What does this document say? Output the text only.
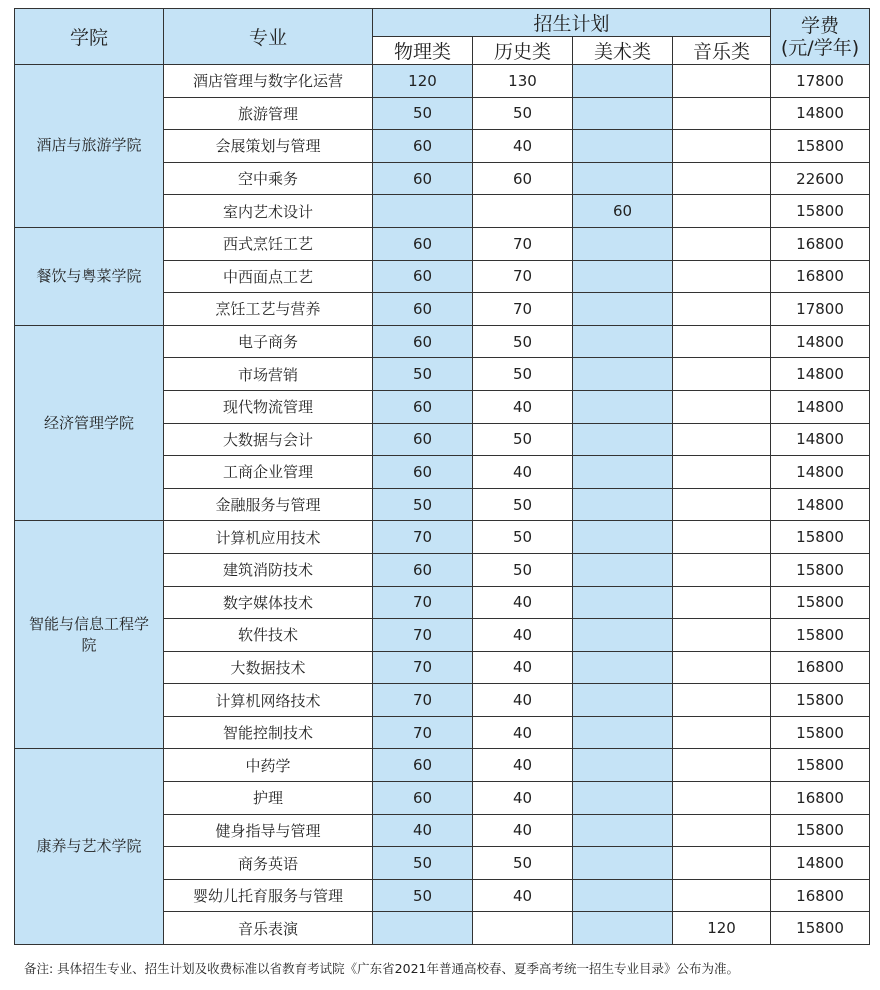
学院	专业	招生计划				学费
(元/学年)
		物理类	历史类	美术类	音乐类	
酒店与旅游学院	酒店管理与数字化运营	120	130			17800
	旅游管理	50	50			14800
	会展策划与管理	60	40			15800
	空中乘务	60	60			22600
	室内艺术设计			60		15800
餐饮与粤菜学院	西式烹饪工艺	60	70			16800
	中西面点工艺	60	70			16800
	烹饪工艺与营养	60	70			17800
经济管理学院	电子商务	60	50			14800
	市场营销	50	50			14800
	现代物流管理	60	40			14800
	大数据与会计	60	50			14800
	工商企业管理	60	40			14800
	金融服务与管理	50	50			14800
智能与信息工程学院	计算机应用技术	70	50			15800
	建筑消防技术	60	50			15800
	数字媒体技术	70	40			15800
	软件技术	70	40			15800
	大数据技术	70	40			16800
	计算机网络技术	70	40			15800
	智能控制技术	70	40			15800
康养与艺术学院	中药学	60	40			15800
	护理	60	40			16800
	健身指导与管理	40	40			15800
	商务英语	50	50			14800
	婴幼儿托育服务与管理	50	40			16800
	音乐表演				120	15800
备注: 具体招生专业、招生计划及收费标准以省教育考试院《广东省2021年普通高校春、夏季高考统一招生专业目录》公布为准。
